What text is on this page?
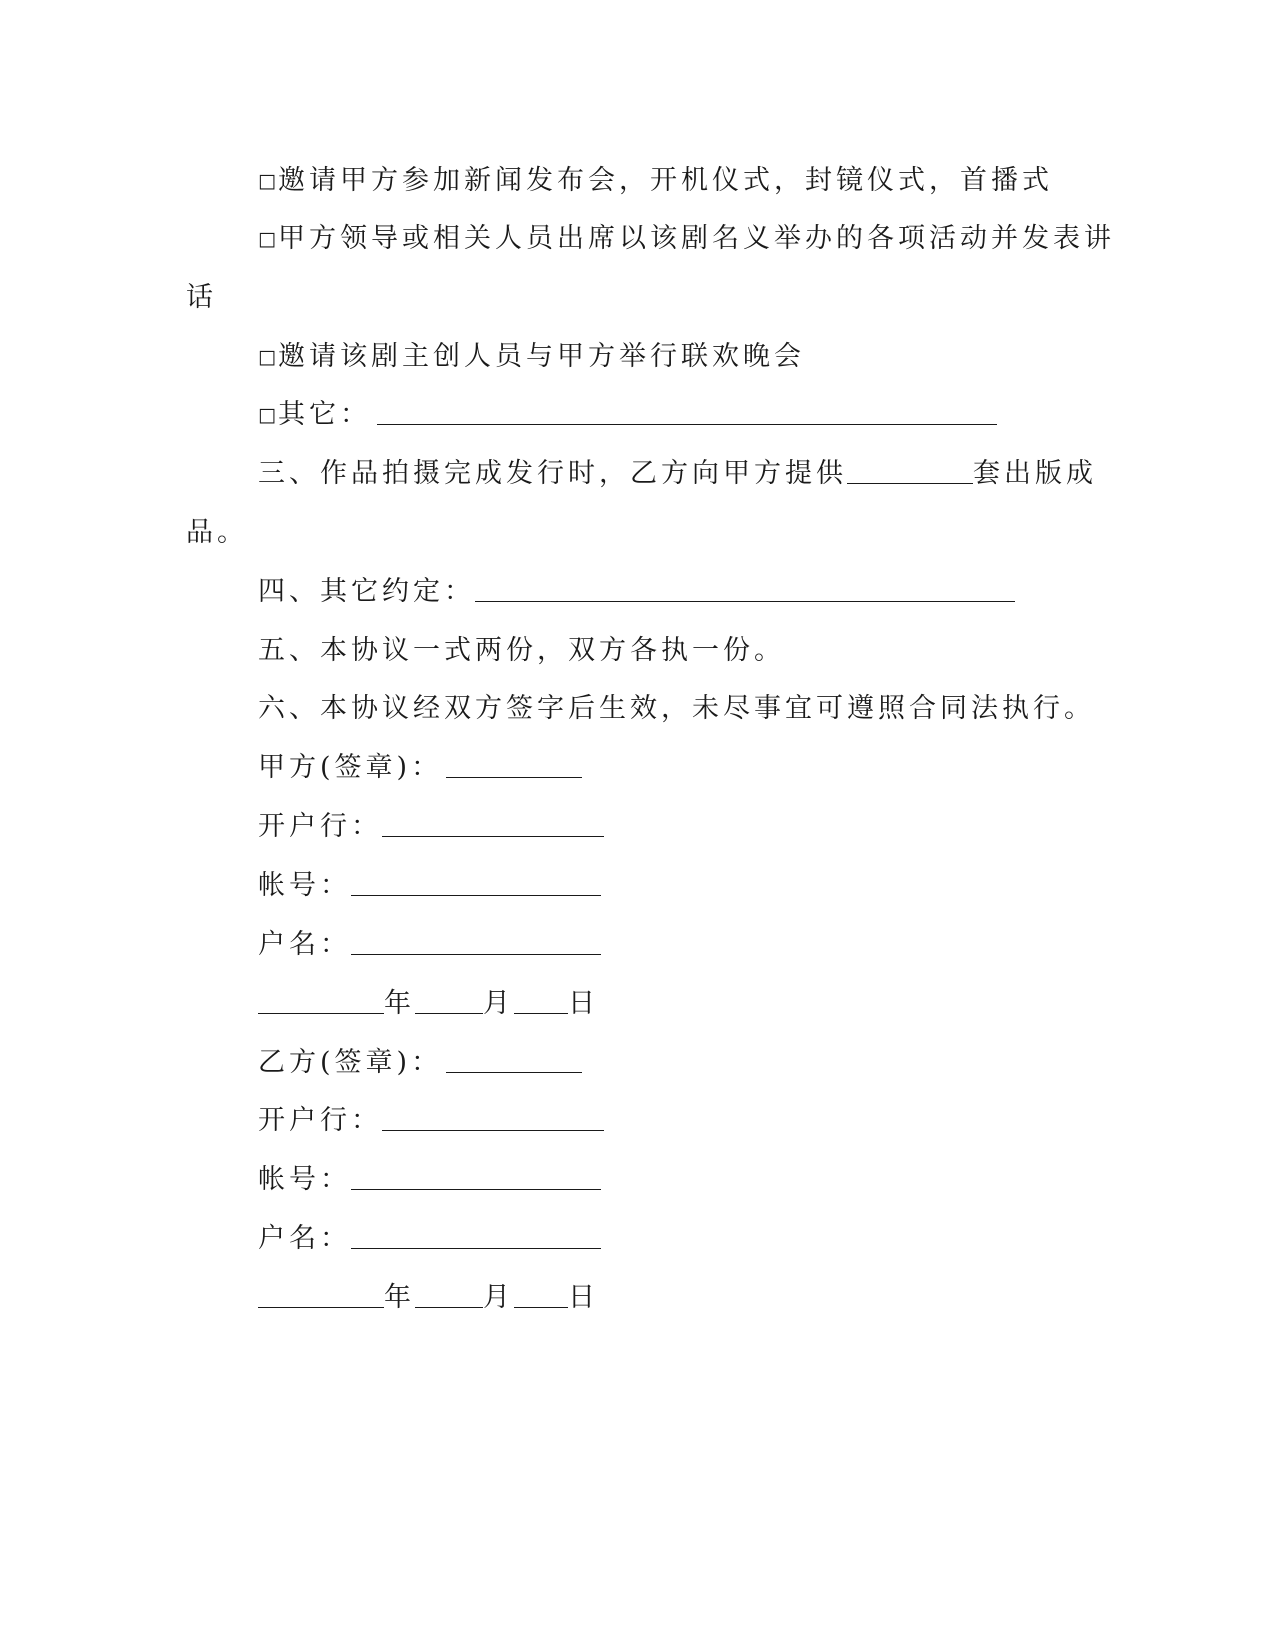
□邀请甲方参加新闻发布会，开机仪式，封镜仪式，首播式
□甲方领导或相关人员出席以该剧名义举办的各项活动并发表讲
话
□邀请该剧主创人员与甲方举行联欢晚会
□其它：
三、作品拍摄完成发行时，乙方向甲方提供	套出版成
品。
四、其它约定：
五、本协议一式两份，双方各执一份。
六、本协议经双方签字后生效，未尽事宜可遵照合同法执行。
甲方(签章)：
开户行：
帐号：
户名：
年	月 日
乙方(签章)：
开户行：
帐号：
户名：
年	月 日
